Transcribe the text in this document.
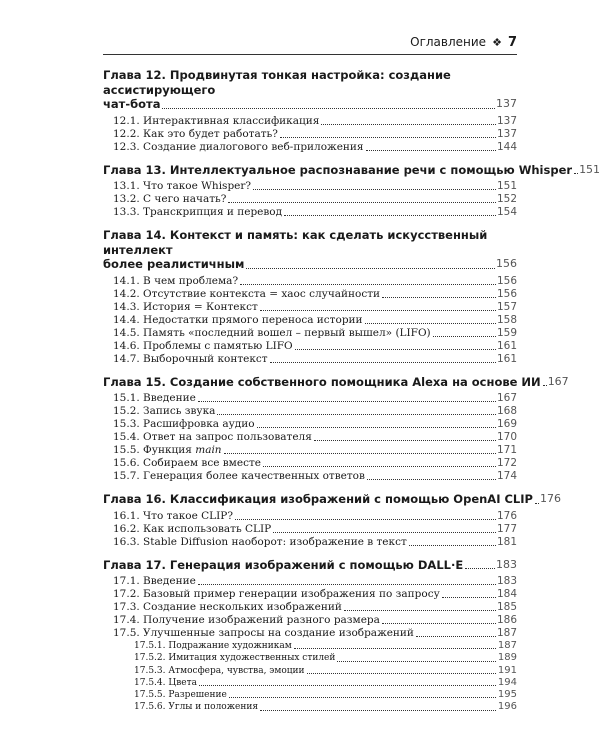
Оглавление ❖ 7
Глава 12. Продвинутая тонкая настройка: создание ассистирующего
чат-бота	137
12.1. Интерактивная классификация	137
12.2. Как это будет работать?	137
12.3. Создание диалогового веб-приложения	144
Глава 13. Интеллектуальное распознавание речи с помощью Whisper 151
13.1. Что такое Whisper?	151
13.2. С чего начать?	152
13.3. Транскрипция и перевод	154
Глава 14. Контекст и память: как сделать искусственный интеллект
более реалистичным	156
14.1. В чем проблема?	156
14.2. Отсутствие контекста = хаос случайности	156
14.3. История = Контекст	157
14.4. Недостатки прямого переноса истории	158
14.5. Память «последний вошел – первый вышел» (LIFO)	159
14.6. Проблемы с памятью LIFO	161
14.7. Выборочный контекст	161
Глава 15. Создание собственного помощника Alexa на основе ИИ 167
15.1. Введение	167
15.2. Запись звука	168
15.3. Расшифровка аудио	169
15.4. Ответ на запрос пользователя	170
15.5. Функция main	171
15.6. Собираем все вместе	172
15.7. Генерация более качественных ответов	174
Глава 16. Классификация изображений с помощью OpenAI CLIP 176
16.1. Что такое CLIP?	176
16.2. Как использовать CLIP	177
16.3. Stable Diffusion наоборот: изображение в текст	181
Глава 17. Генерация изображений с помощью DALL·E	183
17.1. Введение	183
17.2. Базовый пример генерации изображения по запросу	184
17.3. Создание нескольких изображений	185
17.4. Получение изображений разного размера	186
17.5. Улучшенные запросы на создание изображений	187
17.5.1. Подражание художникам	187
17.5.2. Имитация художественных стилей	189
17.5.3. Атмосфера, чувства, эмоции	191
17.5.4. Цвета	194
17.5.5. Разрешение	195
17.5.6. Углы и положения	196
